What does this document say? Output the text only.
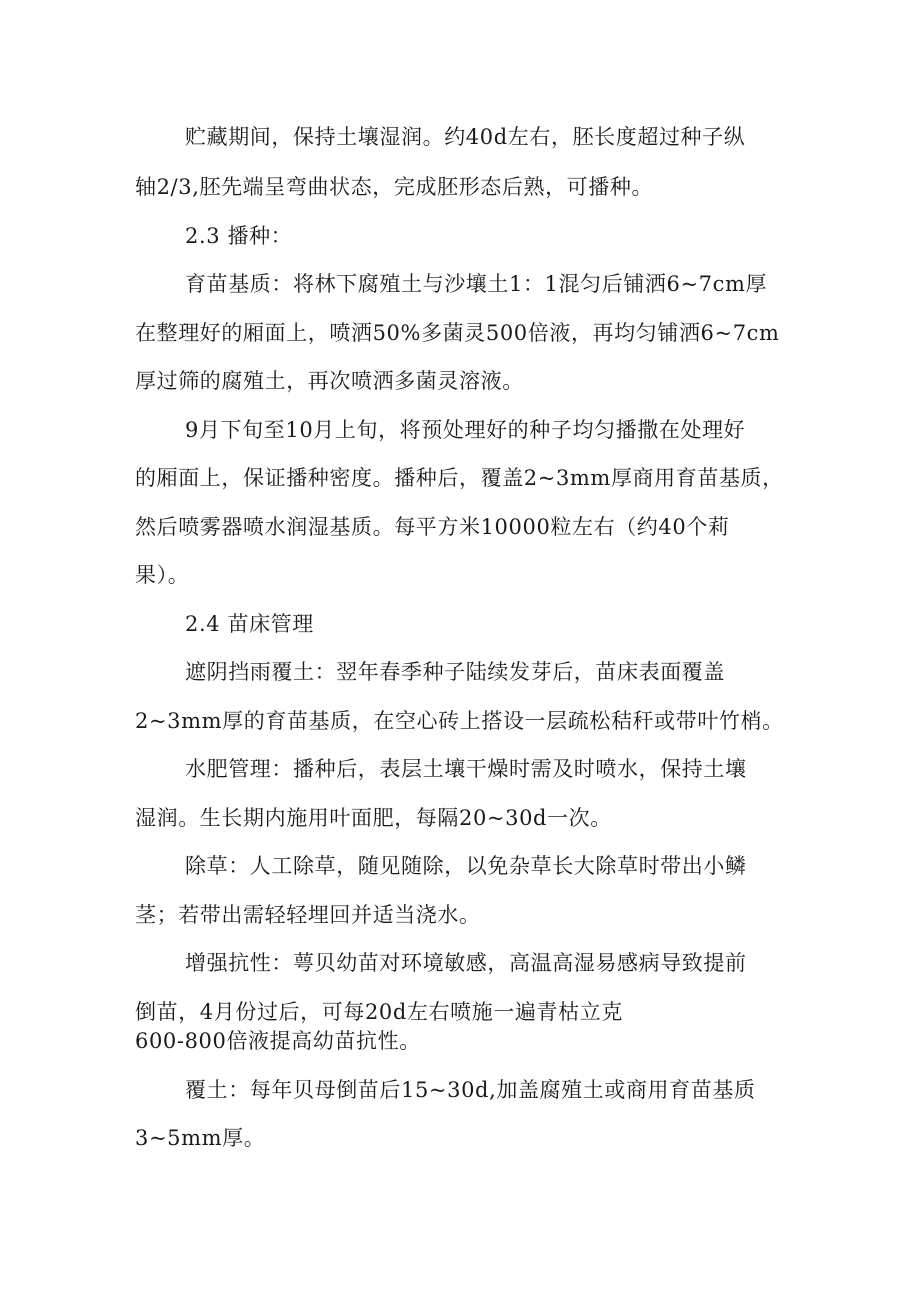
贮藏期间，保持土壤湿润。约40d左右，胚长度超过种子纵
轴2/3,胚先端呈弯曲状态，完成胚形态后熟，可播种。
2.3 播种：
育苗基质：将林下腐殖土与沙壤土1：1混匀后铺洒6~7cm厚
在整理好的厢面上，喷洒50%多菌灵500倍液，再均匀铺洒6~7cm
厚过筛的腐殖土，再次喷洒多菌灵溶液。
9月下旬至10月上旬，将预处理好的种子均匀播撒在处理好
的厢面上，保证播种密度。播种后，覆盖2~3mm厚商用育苗基质，
然后喷雾器喷水润湿基质。每平方米10000粒左右（约40个莉
果）。
2.4 苗床管理
遮阴挡雨覆土：翌年春季种子陆续发芽后，苗床表面覆盖
2~3mm厚的育苗基质，在空心砖上搭设一层疏松秸秆或带叶竹梢。
水肥管理：播种后，表层土壤干燥时需及时喷水，保持土壤
湿润。生长期内施用叶面肥，每隔20~30d一次。
除草：人工除草，随见随除，以免杂草长大除草时带出小鳞
茎；若带出需轻轻埋回并适当浇水。
增强抗性：萼贝幼苗对环境敏感，高温高湿易感病导致提前
倒苗，4月份过后，可每20d左右喷施一遍青枯立克
600-800倍液提高幼苗抗性。
覆土：每年贝母倒苗后15~30d,加盖腐殖土或商用育苗基质
3~5mm厚。
